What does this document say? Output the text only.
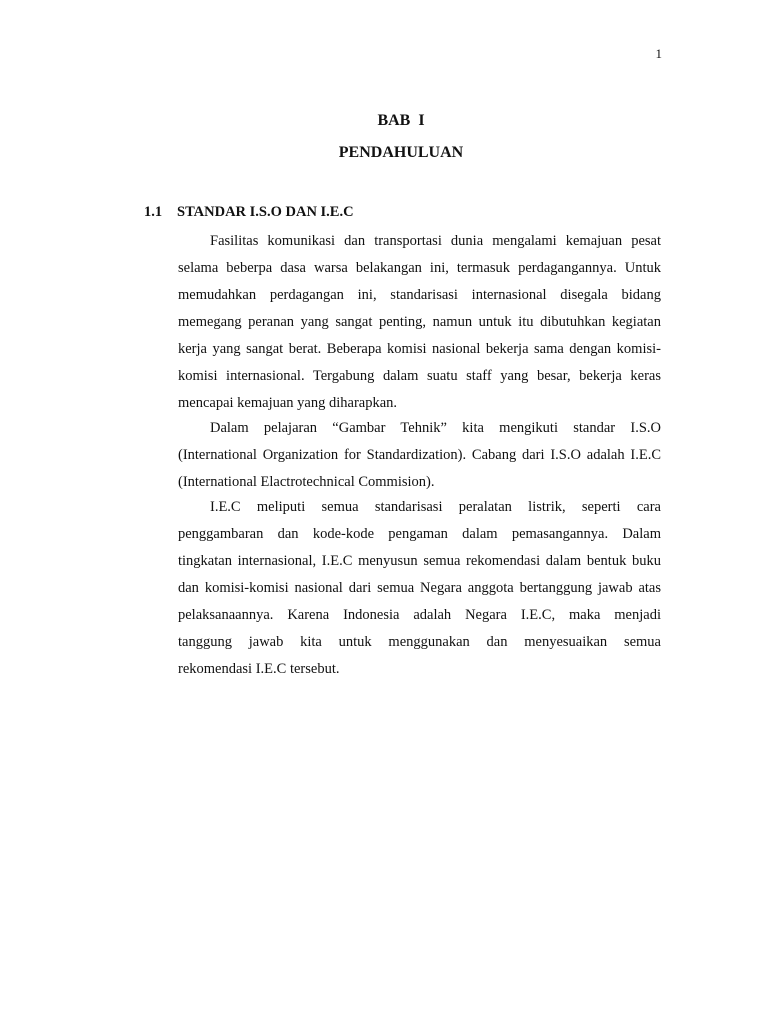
1
BAB I
PENDAHULUAN
1.1 STANDAR I.S.O DAN I.E.C
Fasilitas komunikasi dan transportasi dunia mengalami kemajuan pesat
selama beberpa dasa warsa belakangan ini, termasuk perdagangannya. Untuk
memudahkan perdagangan ini, standarisasi internasional disegala bidang
memegang peranan yang sangat penting, namun untuk itu dibutuhkan kegiatan
kerja yang sangat berat. Beberapa komisi nasional bekerja sama dengan komisi-
komisi internasional. Tergabung dalam suatu staff yang besar, bekerja keras
mencapai kemajuan yang diharapkan.
Dalam pelajaran “Gambar Tehnik” kita mengikuti standar I.S.O
(International Organization for Standardization). Cabang dari I.S.O adalah I.E.C
(International Elactrotechnical Commision).
I.E.C meliputi semua standarisasi peralatan listrik, seperti cara
penggambaran dan kode-kode pengaman dalam pemasangannya. Dalam
tingkatan internasional, I.E.C menyusun semua rekomendasi dalam bentuk buku
dan komisi-komisi nasional dari semua Negara anggota bertanggung jawab atas
pelaksanaannya. Karena Indonesia adalah Negara I.E.C, maka menjadi
tanggung jawab kita untuk menggunakan dan menyesuaikan semua
rekomendasi I.E.C tersebut.
